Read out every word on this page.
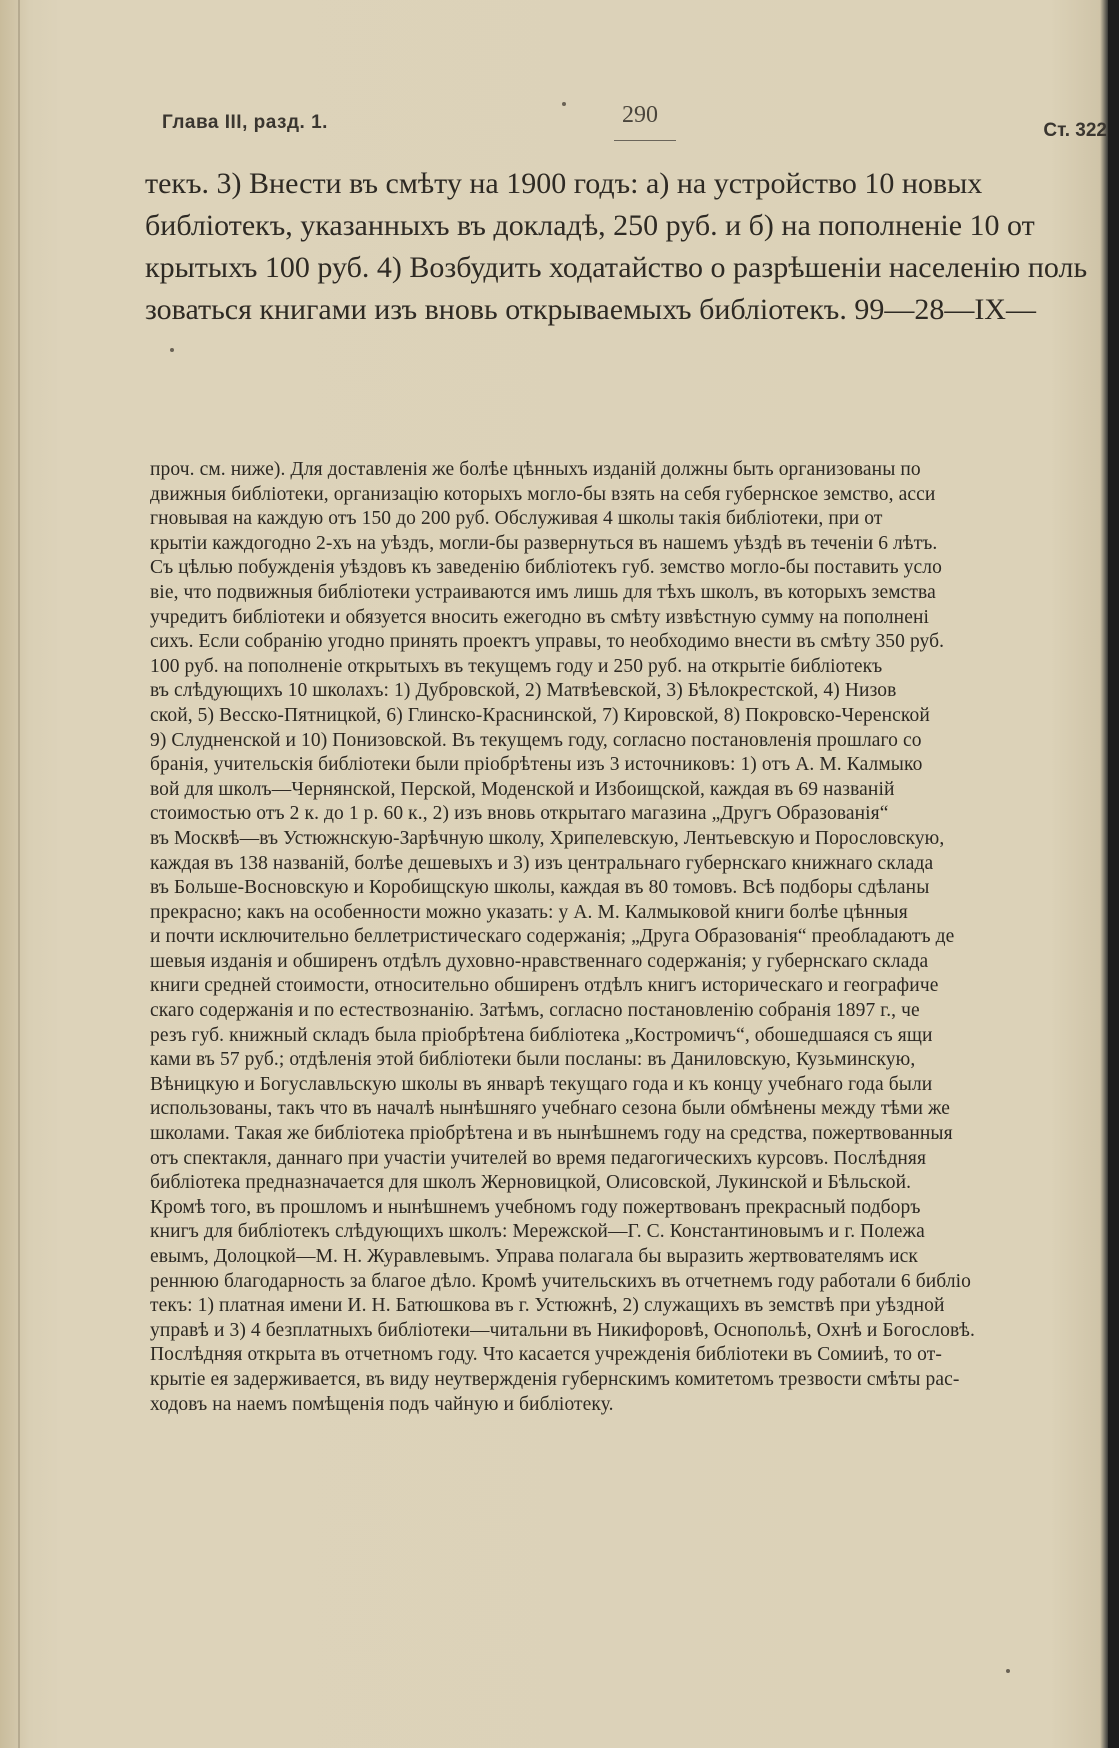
Глава III, разд. 1.	290
Ст. 322
текъ. 3) Внести въ смѣту на 1900 годъ: а) на устройство 10 новых
библіотекъ, указанныхъ въ докладѣ, 250 руб. и б) на пополненіе 10 от
крытыхъ 100 руб. 4) Возбудить ходатайство о разрѣшеніи населенію поль
зоваться книгами изъ вновь открываемыхъ библіотекъ. 99—28—IX—
проч. см. ниже). Для доставленія же болѣе цѣнныхъ изданій должны быть организованы по
движныя библіотеки, организацію которыхъ могло-бы взять на себя губернское земство, асси
гновывая на каждую отъ 150 до 200 руб. Обслуживая 4 школы такія библіотеки, при от
крытіи каждогодно 2-хъ на уѣздъ, могли-бы развернуться въ нашемъ уѣздѣ въ теченіи 6 лѣтъ.
Съ цѣлью побужденія уѣздовъ къ заведенію библіотекъ губ. земство могло-бы поставить усло
віе, что подвижныя библіотеки устраиваются имъ лишь для тѣхъ школъ, въ которыхъ земства
учредитъ библіотеки и обязуется вносить ежегодно въ смѣту извѣстную сумму на пополнені
сихъ. Если собранію угодно принять проектъ управы, то необходимо внести въ смѣту 350 руб.
100 руб. на пополненіе открытыхъ въ текущемъ году и 250 руб. на открытіе библіотекъ
въ слѣдующихъ 10 школахъ: 1) Дубровской, 2) Матвѣевской, 3) Бѣлокрестской, 4) Низов
ской, 5) Весско-Пятницкой, 6) Глинско-Краснинской, 7) Кировской, 8) Покровско-Черенской
9) Слудненской и 10) Понизовской. Въ текущемъ году, согласно постановленія прошлаго со
бранія, учительскія библіотеки были пріобрѣтены изъ 3 источниковъ: 1) отъ А. М. Калмыко
вой для школъ—Чернянской, Перской, Моденской и Избоищской, каждая въ 69 названій
стоимостью отъ 2 к. до 1 р. 60 к., 2) изъ вновь открытаго магазина „Другъ Образованія“
въ Москвѣ—въ Устюжнскую-Зарѣчную школу, Хрипелевскую, Лентьевскую и Порословскую,
каждая въ 138 названій, болѣе дешевыхъ и 3) изъ центральнаго губернскаго книжнаго склада
въ Больше-Восновскую и Коробищскую школы, каждая въ 80 томовъ. Всѣ подборы сдѣланы
прекрасно; какъ на особенности можно указать: у А. М. Калмыковой книги болѣе цѣнныя
и почти исключительно беллетристическаго содержанія; „Друга Образованія“ преобладаютъ де
шевыя изданія и обширенъ отдѣлъ духовно-нравственнаго содержанія; у губернскаго склада
книги средней стоимости, относительно обширенъ отдѣлъ книгъ историческаго и географиче
скаго содержанія и по естествознанію. Затѣмъ, согласно постановленію собранія 1897 г., че
резъ губ. книжный складъ была пріобрѣтена библіотека „Костромичъ“, обошедшаяся съ ящи
ками въ 57 руб.; отдѣленія этой библіотеки были посланы: въ Даниловскую, Кузьминскую,
Вѣницкую и Богуславльскую школы въ январѣ текущаго года и къ концу учебнаго года были
использованы, такъ что въ началѣ нынѣшняго учебнаго сезона были обмѣнены между тѣми же
школами. Такая же библіотека пріобрѣтена и въ нынѣшнемъ году на средства, пожертвованныя
отъ спектакля, даннаго при участіи учителей во время педагогическихъ курсовъ. Послѣдняя
библіотека предназначается для школъ Жерновицкой, Олисовской, Лукинской и Бѣльской.
Кромѣ того, въ прошломъ и нынѣшнемъ учебномъ году пожертвованъ прекрасный подборъ
книгъ для библіотекъ слѣдующихъ школъ: Мережской—Г. С. Константиновымъ и г. Полежа
евымъ, Долоцкой—М. Н. Журавлевымъ. Управа полагала бы выразить жертвователямъ иск
реннюю благодарность за благое дѣло. Кромѣ учительскихъ въ отчетнемъ году работали 6 библіо
текъ: 1) платная имени И. Н. Батюшкова въ г. Устюжнѣ, 2) служащихъ въ земствѣ при уѣздной
управѣ и 3) 4 безплатныхъ библіотеки—читальни въ Никифоровѣ, Оснопольѣ, Охнѣ и Богословѣ.
Послѣдняя открыта въ отчетномъ году. Что касается учрежденія библіотеки въ Сомииѣ, то от-
крытіе ея задерживается, въ виду неутвержденія губернскимъ комитетомъ трезвости смѣты рас-
ходовъ на наемъ помѣщенія подъ чайную и библіотеку.
